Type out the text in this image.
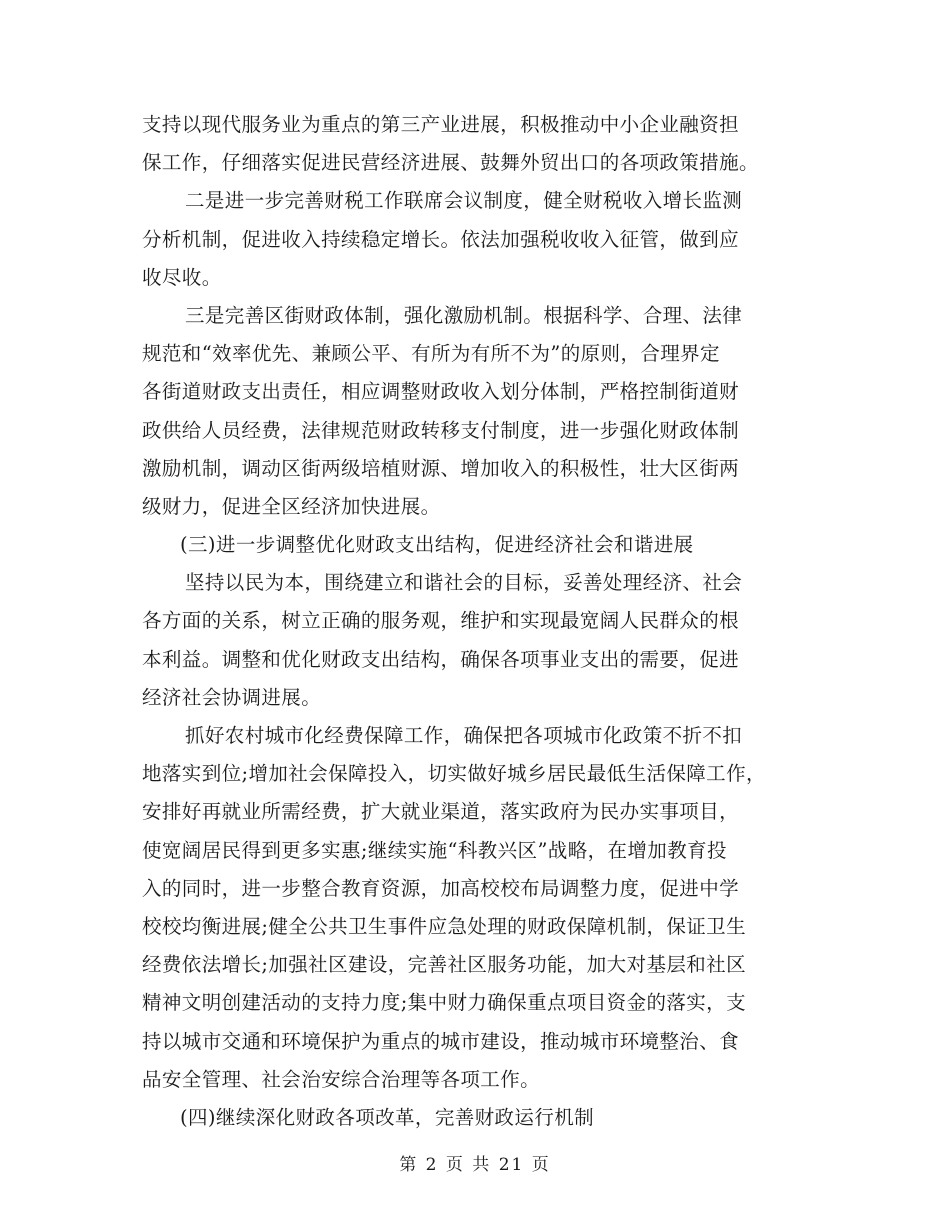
支持以现代服务业为重点的第三产业进展，积极推动中小企业融资担
保工作，仔细落实促进民营经济进展、鼓舞外贸出口的各项政策措施。
二是进一步完善财税工作联席会议制度，健全财税收入增长监测
分析机制，促进收入持续稳定增长。依法加强税收收入征管，做到应
收尽收。
三是完善区街财政体制，强化激励机制。根据科学、合理、法律
规范和“效率优先、兼顾公平、有所为有所不为”的原则，合理界定
各街道财政支出责任，相应调整财政收入划分体制，严格控制街道财
政供给人员经费，法律规范财政转移支付制度，进一步强化财政体制
激励机制，调动区街两级培植财源、增加收入的积极性，壮大区街两
级财力，促进全区经济加快进展。
(三)进一步调整优化财政支出结构，促进经济社会和谐进展
坚持以民为本，围绕建立和谐社会的目标，妥善处理经济、社会
各方面的关系，树立正确的服务观，维护和实现最宽阔人民群众的根
本利益。调整和优化财政支出结构，确保各项事业支出的需要，促进
经济社会协调进展。
抓好农村城市化经费保障工作，确保把各项城市化政策不折不扣
地落实到位;增加社会保障投入，切实做好城乡居民最低生活保障工作，
安排好再就业所需经费，扩大就业渠道，落实政府为民办实事项目，
使宽阔居民得到更多实惠;继续实施“科教兴区”战略，在增加教育投
入的同时，进一步整合教育资源，加高校校布局调整力度，促进中学
校校均衡进展;健全公共卫生事件应急处理的财政保障机制，保证卫生
经费依法增长;加强社区建设，完善社区服务功能，加大对基层和社区
精神文明创建活动的支持力度;集中财力确保重点项目资金的落实，支
持以城市交通和环境保护为重点的城市建设，推动城市环境整治、食
品安全管理、社会治安综合治理等各项工作。
(四)继续深化财政各项改革，完善财政运行机制
第 2 页 共 21 页
